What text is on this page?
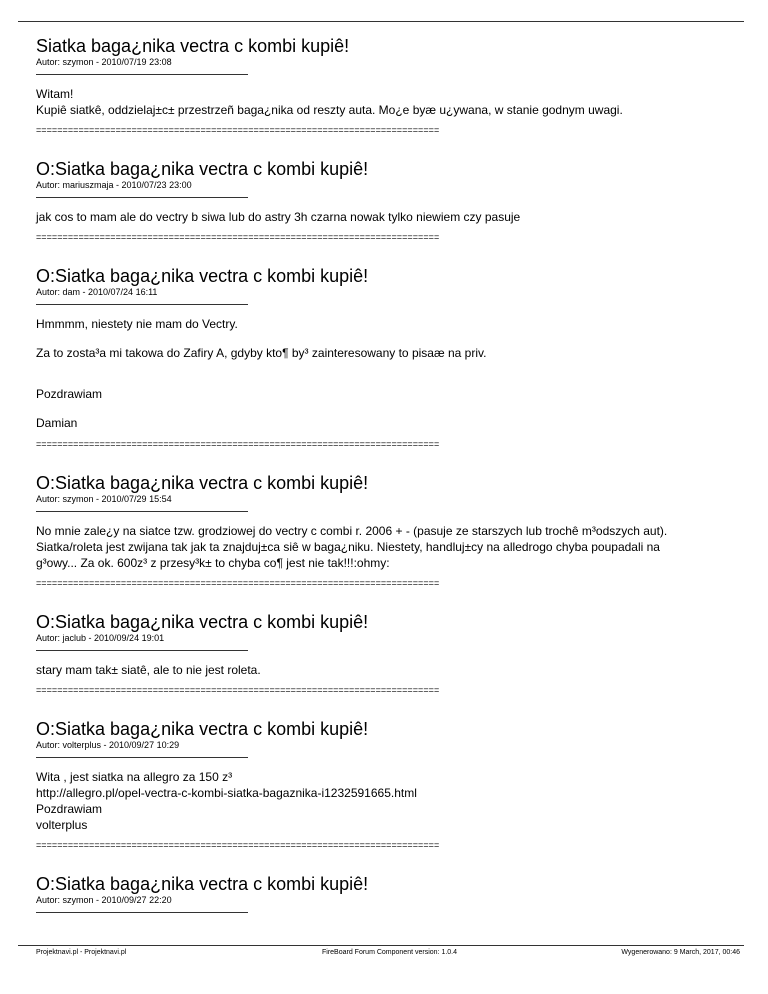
Siatka baga¿nika vectra c kombi kupiê!
Autor: szymon - 2010/07/19 23:08

Witam!

Kupiê siatkê, oddzielaj±c± przestrzeñ baga¿nika od reszty auta. Mo¿e byæ u¿ywana, w stanie godnym uwagi.

============================================================================
O:Siatka baga¿nika vectra c kombi kupiê!
Autor: mariuszmaja - 2010/07/23 23:00

jak cos to mam ale do vectry b siwa lub do astry 3h czarna nowak tylko niewiem czy pasuje

============================================================================
O:Siatka baga¿nika vectra c kombi kupiê!
Autor: dam - 2010/07/24 16:11

Hmmmm, niestety nie mam do Vectry.

Za to zosta³a mi takowa do Zafiry A, gdyby kto¶ by³ zainteresowany to pisaæ na priv.

Pozdrawiam

Damian

============================================================================
O:Siatka baga¿nika vectra c kombi kupiê!
Autor: szymon - 2010/07/29 15:54

No mnie zale¿y na siatce tzw. grodziowej do vectry c combi r. 2006 + - (pasuje ze starszych lub trochê m³odszych aut).

Siatka/roleta jest zwijana tak jak ta znajduj±ca siê w baga¿niku. Niestety, handluj±cy na alledrogo chyba poupadali na

g³owy... Za ok. 600z³ z przesy³k± to chyba co¶ jest nie tak!!!:ohmy:

============================================================================
O:Siatka baga¿nika vectra c kombi kupiê!
Autor: jaclub - 2010/09/24 19:01

stary mam tak± siatê, ale to nie jest roleta.

============================================================================
O:Siatka baga¿nika vectra c kombi kupiê!
Autor: volterplus - 2010/09/27 10:29

Wita , jest siatka na allegro za 150 z³

http://allegro.pl/opel-vectra-c-kombi-siatka-bagaznika-i1232591665.html

Pozdrawiam

volterplus

============================================================================
O:Siatka baga¿nika vectra c kombi kupiê!
Autor: szymon - 2010/09/27 22:20
Projektnavi.pl - Projektnavi.pl	FireBoard Forum Component version: 1.0.4	Wygenerowano: 9 March, 2017, 00:46
